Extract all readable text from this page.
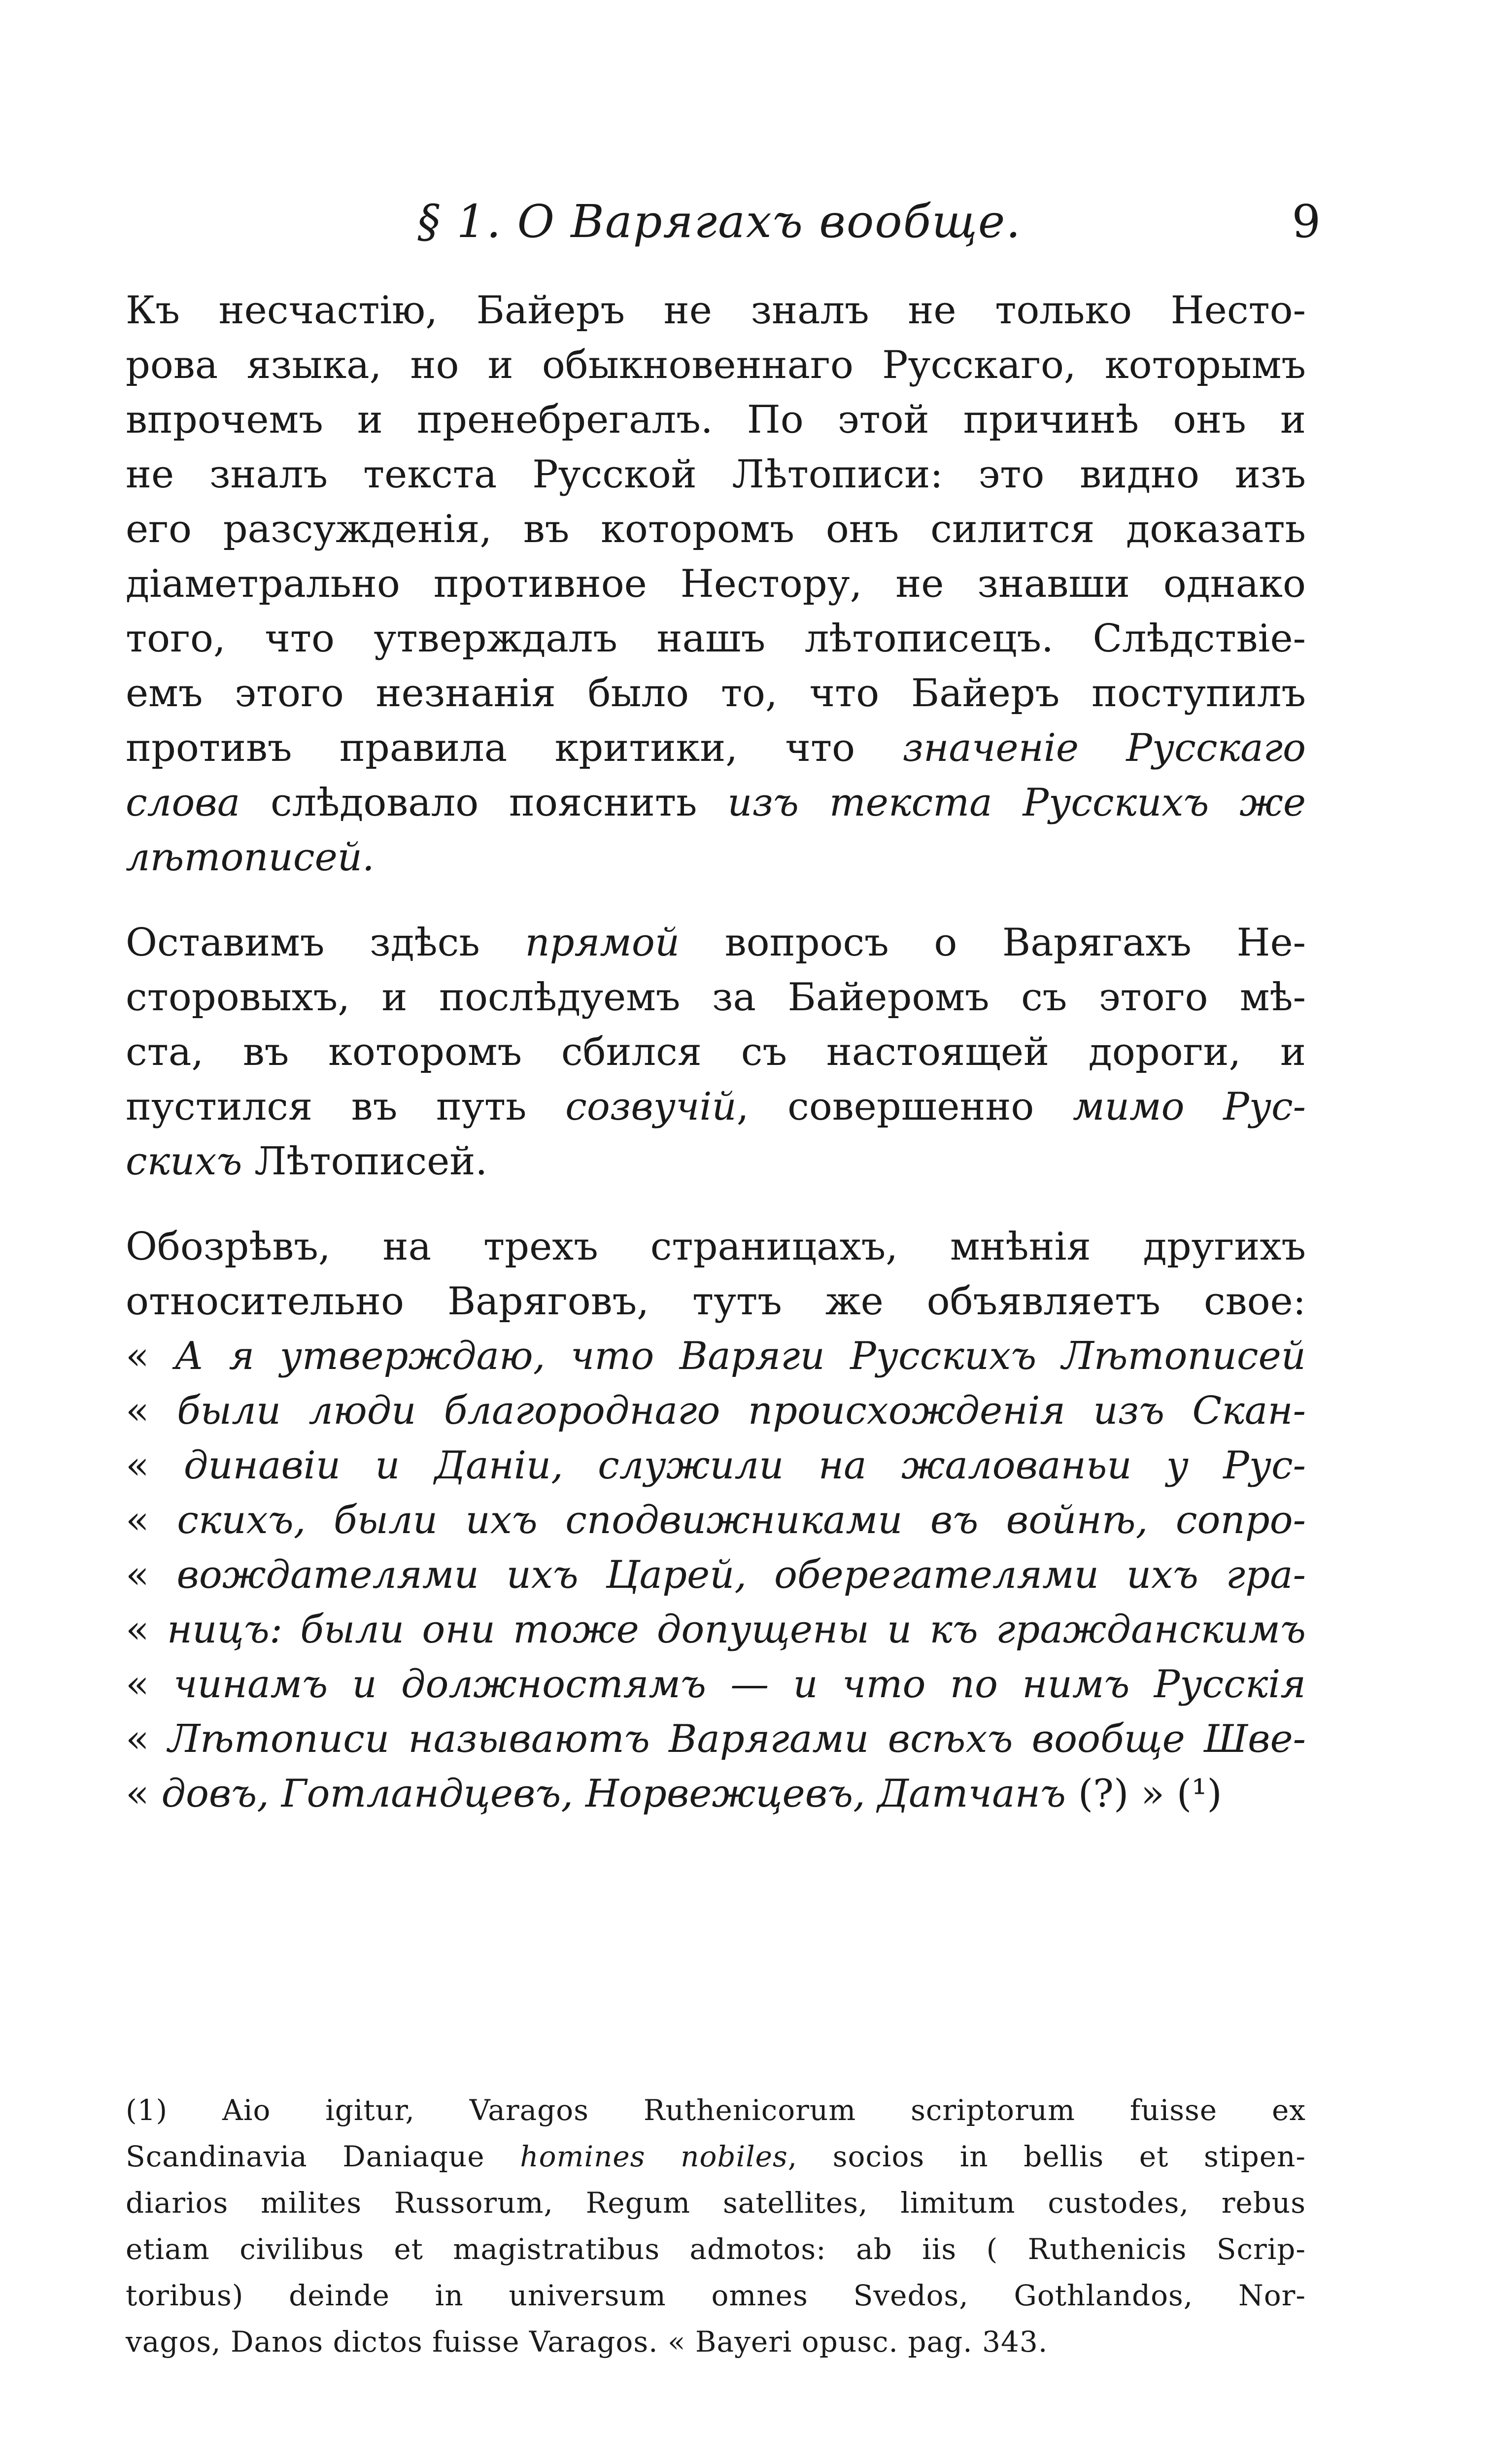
§ 1. О Варягахъ вообще.	9

Къ несчастію, Байеръ не зналъ не только Несто-
рова языка, но и обыкновеннаго Русскаго, которымъ
впрочемъ и пренебрегалъ. По этой причинѣ онъ и
не зналъ текста Русской Лѣтописи: это видно изъ
его разсужденія, въ которомъ онъ силится доказать
діаметрально противное Нестору, не знавши однако
того, что утверждалъ нашъ лѣтописецъ. Слѣдствіе-
емъ этого незнанія было то, что Байеръ поступилъ
противъ правила критики, что значеніе Русскаго
слова слѣдовало пояснить изъ текста Русскихъ же
лѣтописей.

Оставимъ здѣсь прямой вопросъ о Варягахъ Не-
сторовыхъ, и послѣдуемъ за Байеромъ съ этого мѣ-
ста, въ которомъ сбился съ настоящей дороги, и
пустился въ путь созвучій, совершенно мимо Рус-
скихъ Лѣтописей.

Обозрѣвъ, на трехъ страницахъ, мнѣнія другихъ
относительно Варяговъ, тутъ же объявляетъ свое:
« А я утверждаю, что Варяги Русскихъ Лѣтописей
« были люди благороднаго происхожденія изъ Скан-
« динавіи и Даніи, служили на жалованьи у Рус-
« скихъ, были ихъ сподвижниками въ войнѣ, сопро-
« вождателями ихъ Царей, оберегателями ихъ гра-
« ницъ: были они тоже допущены и къ гражданскимъ
« чинамъ и должностямъ — и что по нимъ Русскія
« Лѣтописи называютъ Варягами всѣхъ вообще Шве-
« довъ, Готландцевъ, Норвежцевъ, Датчанъ (?) » (¹)

(1) Aio igitur, Varagos Ruthenicorum scriptorum fuisse ex
Scandinavia Daniaque homines nobiles, socios in bellis et stipen-
diarios milites Russorum, Regum satellites, limitum custodes, rebus
etiam civilibus et magistratibus admotos: ab iis ( Ruthenicis Scrip-
toribus) deinde in universum omnes Svedos, Gothlandos, Nor-
vagos, Danos dictos fuisse Varagos. « Bayeri opusc. pag. 343.
